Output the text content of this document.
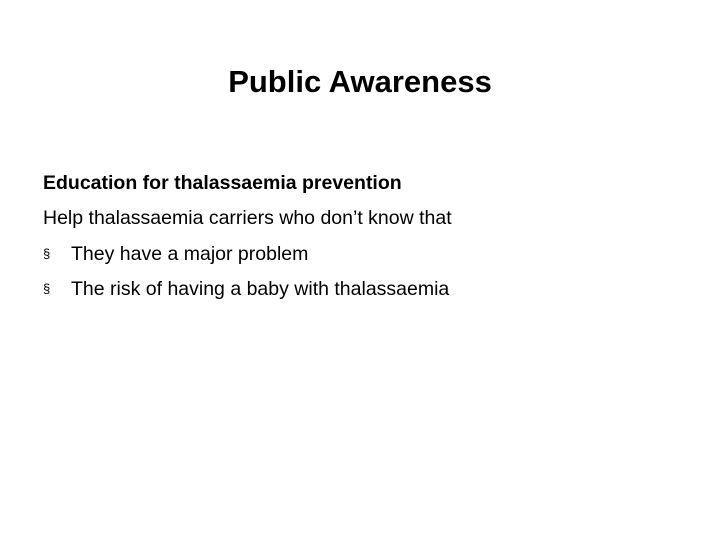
Public Awareness
Education for thalassaemia prevention
Help thalassaemia carriers who don’t know that
§ They have a major problem
§ The risk of having a baby with thalassaemia
